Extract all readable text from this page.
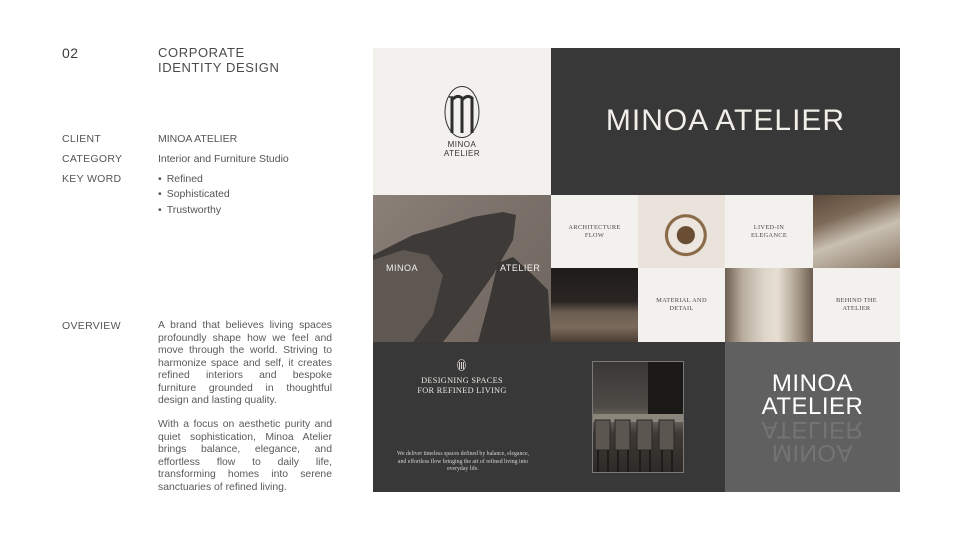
02	CORPORATE
IDENTITY DESIGN
CLIENT	MINOA ATELIER
CATEGORY	Interior and Furniture Studio
KEY WORD	• Refined
• Sophisticated
• Trustworthy
OVERVIEW	A brand that believes living spaces profoundly shape how we feel and move through the world. Striving to harmonize space and self, it creates refined interiors and bespoke furniture grounded in thoughtful design and lasting quality.

With a focus on aesthetic purity and quiet sophistication, Minoa Atelier brings balance, elegance, and effortless flow to daily life, transforming homes into serene sanctuaries of refined living.

MINOA
ATELIER
MINOA ATELIER
MINOA	ATELIER
ARCHITECTURE
FLOW
LIVED-IN
ELEGANCE
MATERIAL AND
DETAIL
BEHIND THE
ATELIER
DESIGNING SPACES
FOR REFINED LIVING
We deliver timeless spaces defined by balance, elegance, and effortless flow bringing the art of refined living into everyday life.
MINOA
ATELIER
MINOA
ATELIER
